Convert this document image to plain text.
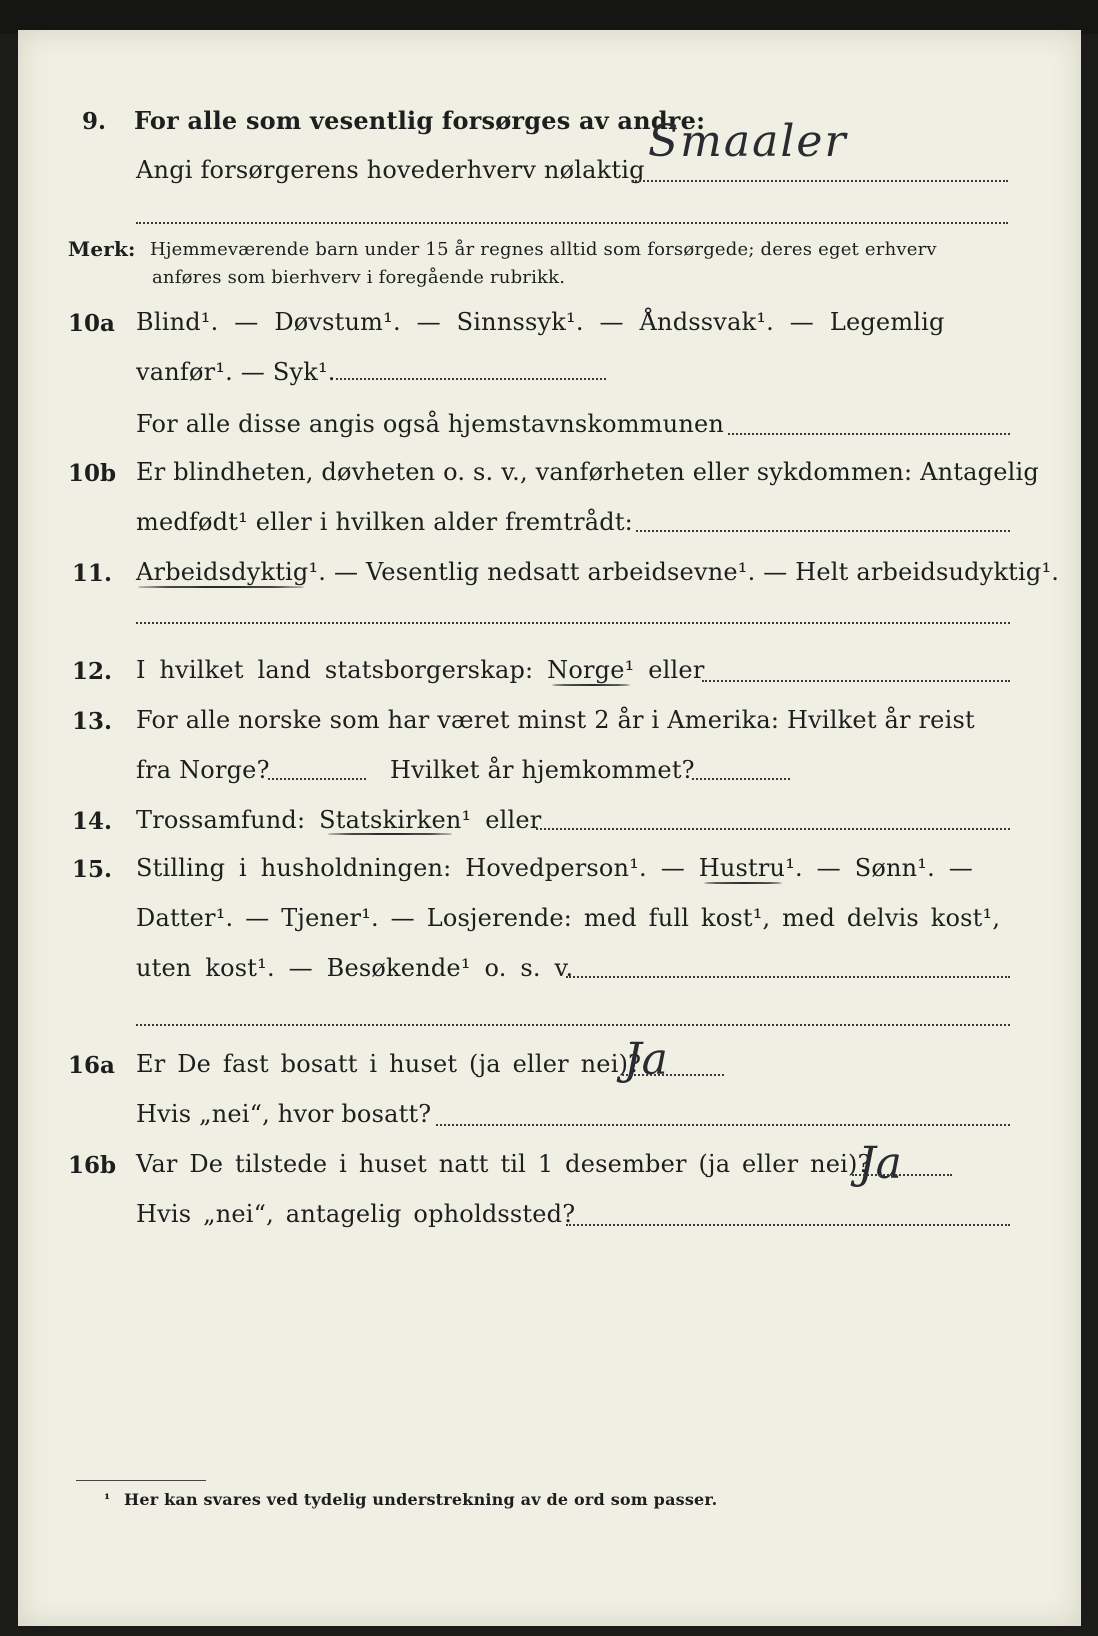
9. For alle som vesentlig forsørges av andre:
Angi forsørgerens hovederhverv nølaktig
Smaaler
Merk: Hjemmeværende barn under 15 år regnes alltid som forsørgede; deres eget erhverv
anføres som bierhverv i foregående rubrikk.
10a Blind¹. — Døvstum¹. — Sinnssyk¹. — Åndssvak¹. — Legemlig
vanfør¹. — Syk¹.
For alle disse angis også hjemstavnskommunen
10b Er blindheten, døvheten o. s. v., vanførheten eller sykdommen: Antagelig
medfødt¹ eller i hvilken alder fremtrådt:
11. Arbeidsdyktig¹. — Vesentlig nedsatt arbeidsevne¹. — Helt arbeidsudyktig¹.
12. I hvilket land statsborgerskap: Norge¹ eller
13. For alle norske som har været minst 2 år i Amerika: Hvilket år reist
fra Norge?	Hvilket år hjemkommet?
14. Trossamfund: Statskirken¹ eller
15. Stilling i husholdningen: Hovedperson¹. — Hustru¹. — Sønn¹. —
Datter¹. — Tjener¹. — Losjerende: med full kost¹, med delvis kost¹,
uten kost¹. — Besøkende¹ o. s. v.
16a Er De fast bosatt i huset (ja eller nei)?
Ja
Hvis „nei“, hvor bosatt?
16b Var De tilstede i huset natt til 1 desember (ja eller nei)?
Ja
Hvis „nei“, antagelig opholdssted?
¹ Her kan svares ved tydelig understrekning av de ord som passer.
